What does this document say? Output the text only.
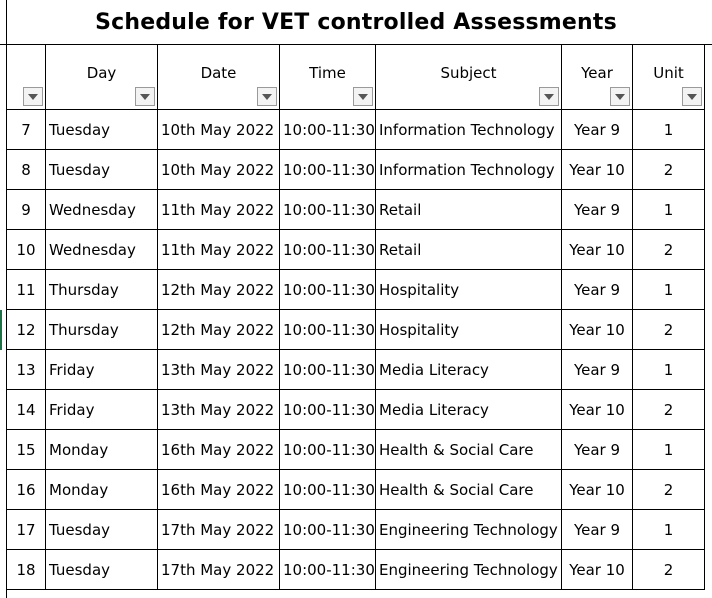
Schedule for VET controlled Assessments

	Day	Date	Time	Subject	Year	Unit

7	Tuesday	10th May 2022	10:00-11:30	Information Technology	Year 9	1
8	Tuesday	10th May 2022	10:00-11:30	Information Technology	Year 10	2
9	Wednesday	11th May 2022	10:00-11:30	Retail	Year 9	1
10	Wednesday	11th May 2022	10:00-11:30	Retail	Year 10	2
11	Thursday	12th May 2022	10:00-11:30	Hospitality	Year 9	1
12	Thursday	12th May 2022	10:00-11:30	Hospitality	Year 10	2
13	Friday	13th May 2022	10:00-11:30	Media Literacy	Year 9	1
14	Friday	13th May 2022	10:00-11:30	Media Literacy	Year 10	2
15	Monday	16th May 2022	10:00-11:30	Health & Social Care	Year 9	1
16	Monday	16th May 2022	10:00-11:30	Health & Social Care	Year 10	2
17	Tuesday	17th May 2022	10:00-11:30	Engineering Technology	Year 9	1
18	Tuesday	17th May 2022	10:00-11:30	Engineering Technology	Year 10	2
